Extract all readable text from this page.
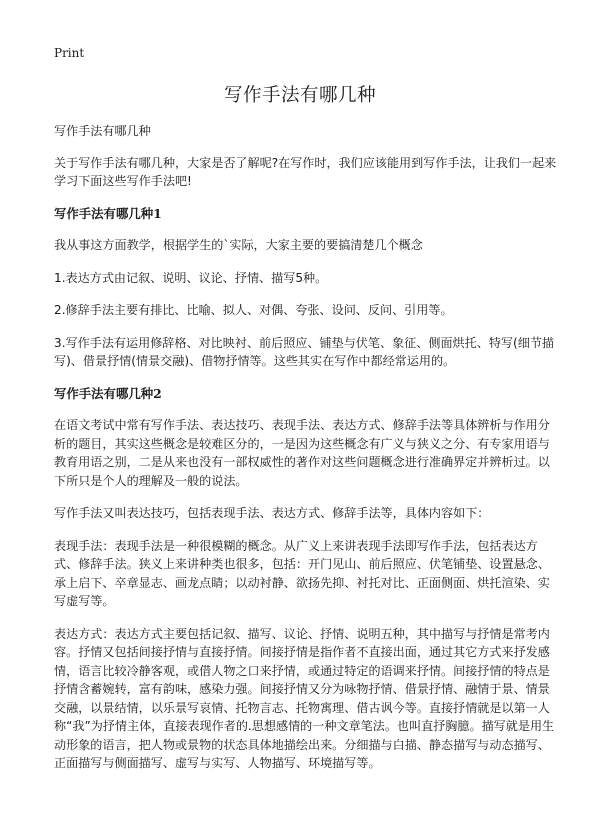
Print
写作手法有哪几种

写作手法有哪几种

关于写作手法有哪几种，大家是否了解呢?在写作时，我们应该能用到写作手法，让我们一起来学习下面这些写作手法吧!

写作手法有哪几种1

我从事这方面教学，根据学生的`实际，大家主要的要搞清楚几个概念

1.表达方式由记叙、说明、议论、抒情、描写5种。

2.修辞手法主要有排比、比喻、拟人、对偶、夸张、设问、反问、引用等。

3.写作手法有运用修辞格、对比映衬、前后照应、铺垫与伏笔、象征、侧面烘托、特写(细节描写)、借景抒情(情景交融)、借物抒情等。这些其实在写作中都经常运用的。

写作手法有哪几种2

在语文考试中常有写作手法、表达技巧、表现手法、表达方式、修辞手法等具体辨析与作用分析的题目，其实这些概念是较难区分的，一是因为这些概念有广义与狭义之分、有专家用语与教育用语之别，二是从来也没有一部权威性的著作对这些问题概念进行准确界定并辨析过。以下所只是个人的理解及一般的说法。

写作手法又叫表达技巧，包括表现手法、表达方式、修辞手法等，具体内容如下：

表现手法：表现手法是一种很模糊的概念。从广义上来讲表现手法即写作手法，包括表达方式、修辞手法。狭义上来讲种类也很多，包括：开门见山、前后照应、伏笔铺垫、设置悬念、承上启下、卒章显志、画龙点睛；以动衬静、欲扬先抑、衬托对比、正面侧面、烘托渲染、实写虚写等。

表达方式：表达方式主要包括记叙、描写、议论、抒情、说明五种，其中描写与抒情是常考内容。抒情又包括间接抒情与直接抒情。间接抒情是指作者不直接出面，通过其它方式来抒发感情，语言比较冷静客观，或借人物之口来抒情，或通过特定的语调来抒情。间接抒情的特点是抒情含蓄婉转，富有韵味，感染力强。间接抒情又分为咏物抒情、借景抒情、融情于景、情景交融，以景结情，以乐景写哀情、托物言志、托物寓理、借古讽今等。直接抒情就是以第一人称“我”为抒情主体，直接表现作者的.思想感情的一种文章笔法。也叫直抒胸臆。描写就是用生动形象的语言，把人物或景物的状态具体地描绘出来。分细描与白描、静态描写与动态描写、正面描写与侧面描写、虚写与实写、人物描写、环境描写等。
